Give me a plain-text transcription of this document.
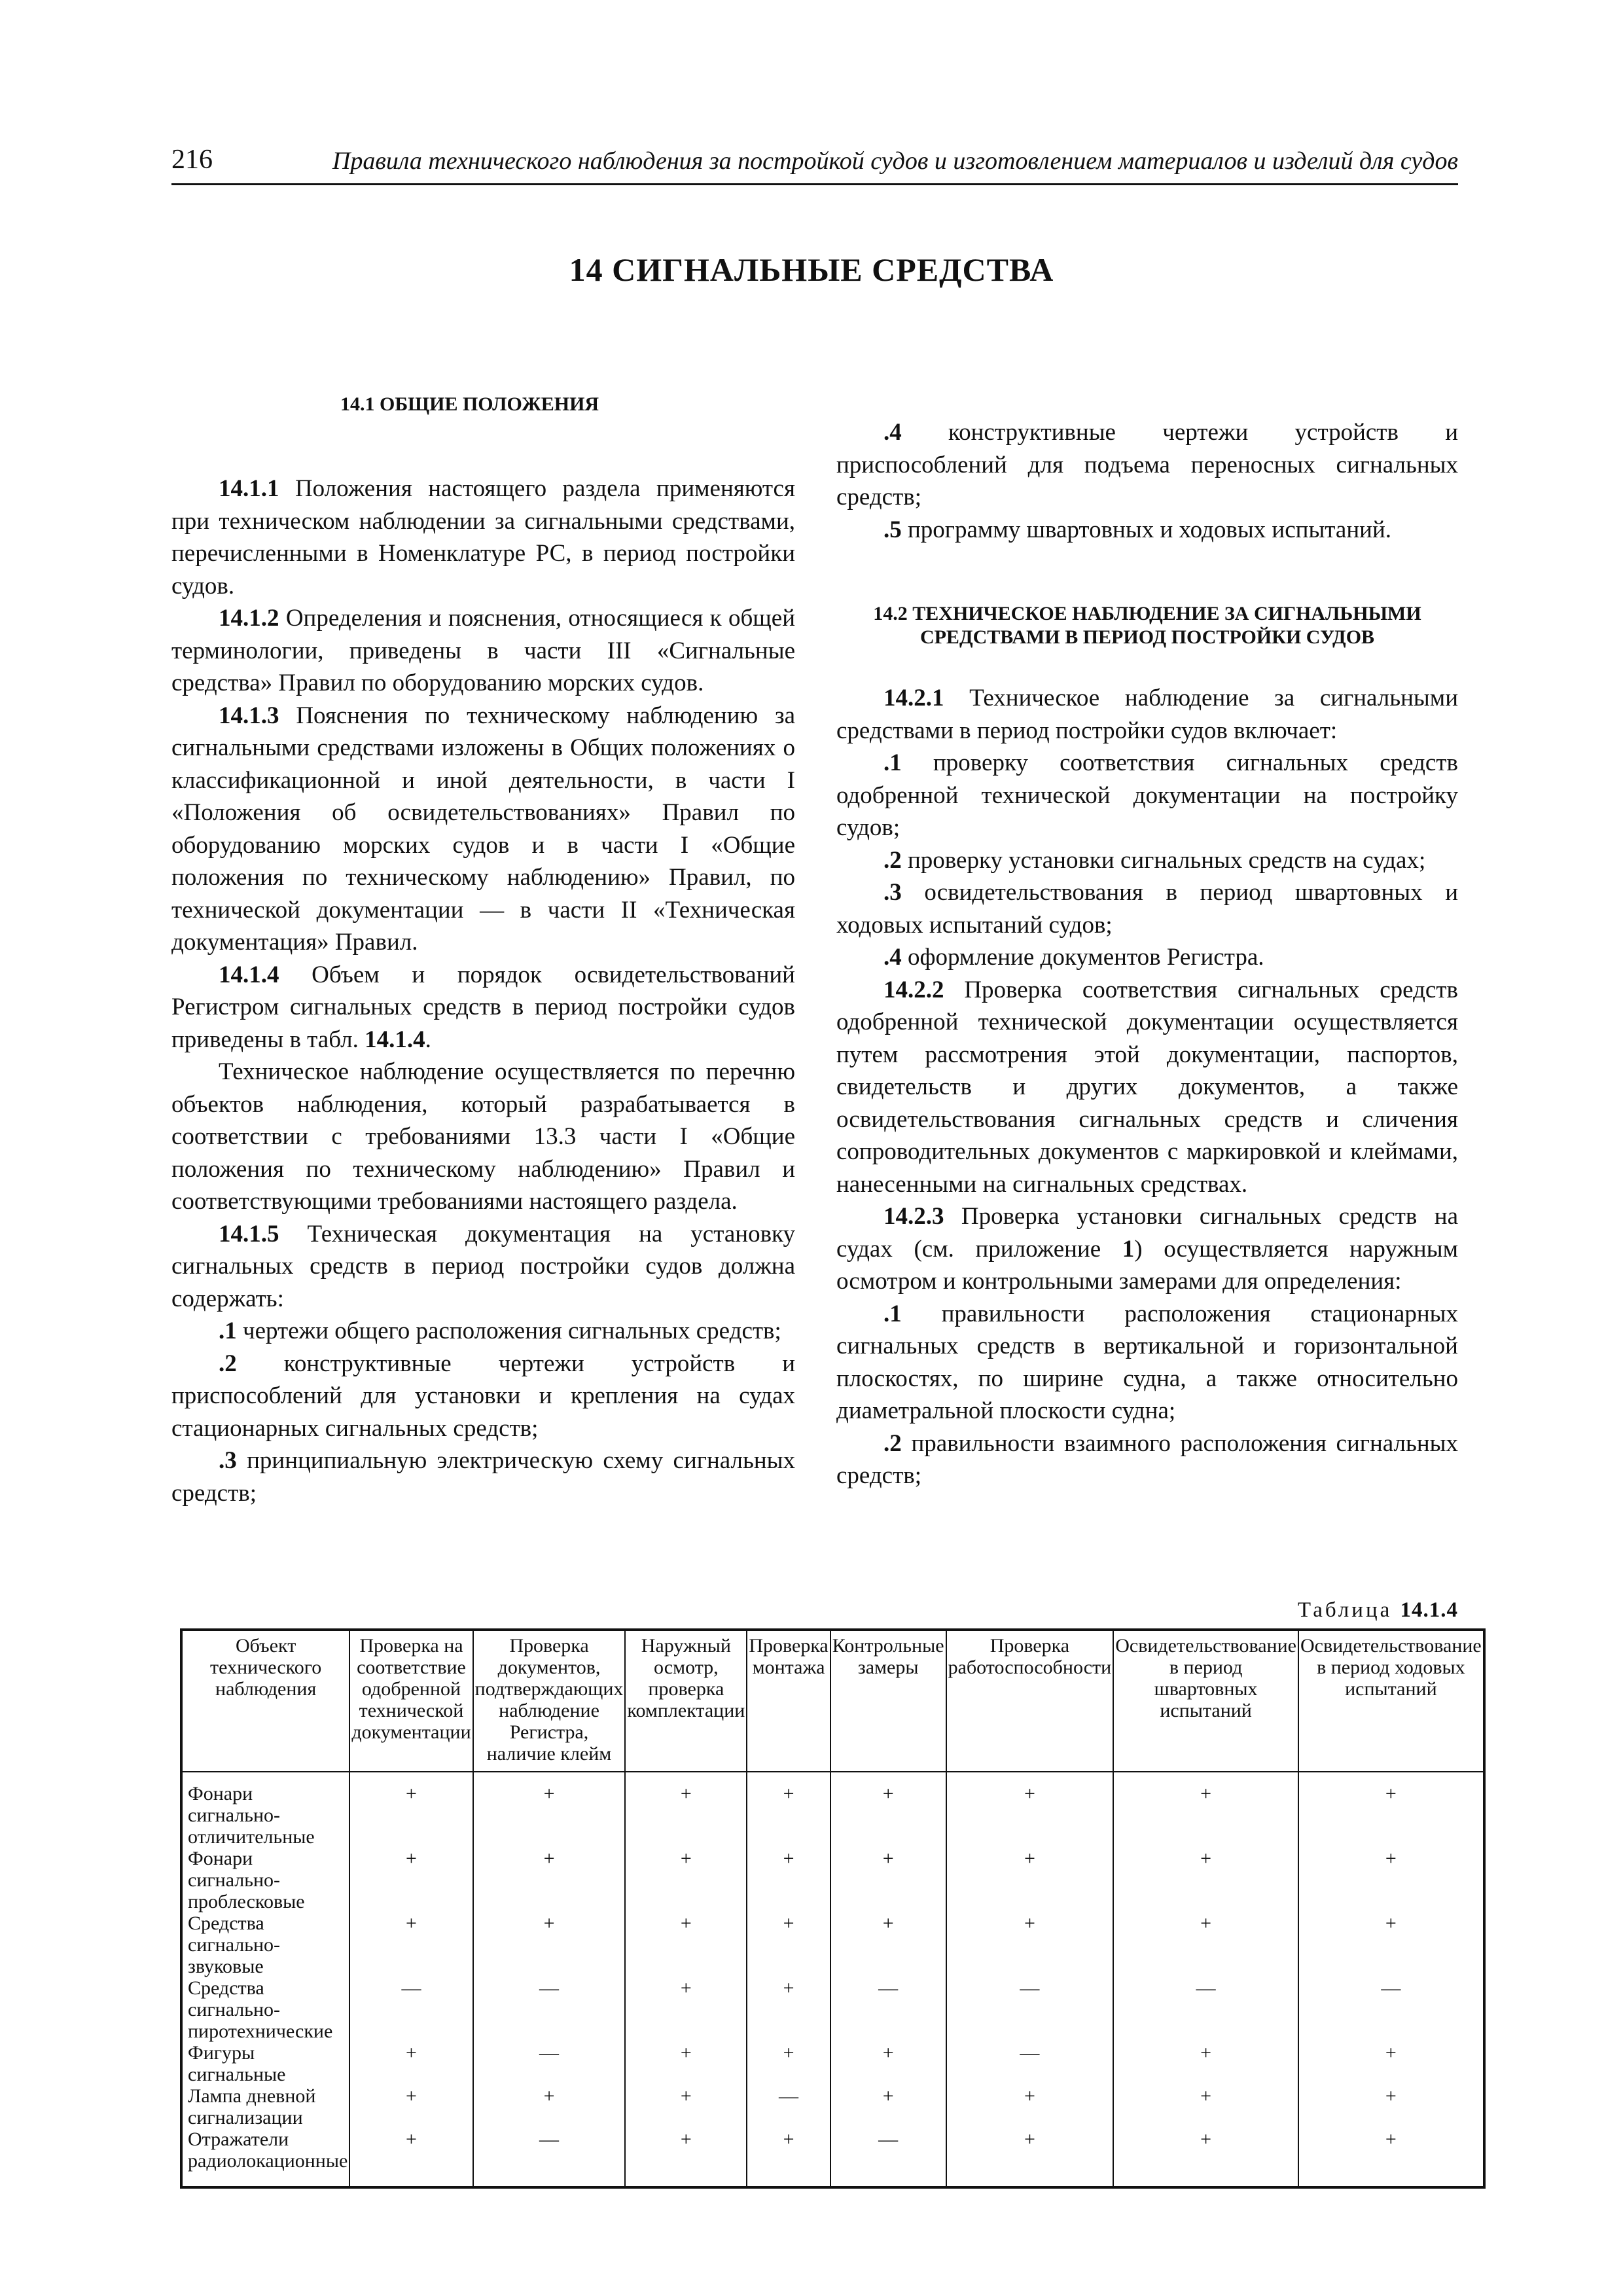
216	Правила технического наблюдения за постройкой судов и изготовлением материалов и изделий для судов
14 СИГНАЛЬНЫЕ СРЕДСТВА
14.1 ОБЩИЕ ПОЛОЖЕНИЯ

14.1.1 Положения настоящего раздела применяются при техническом наблюдении за сигнальными средствами, перечисленными в Номенклатуре РС, в период постройки судов.

14.1.2 Определения и пояснения, относящиеся к общей терминологии, приведены в части III «Сигнальные средства» Правил по оборудованию морских судов.

14.1.3 Пояснения по техническому наблюдению за сигнальными средствами изложены в Общих положениях о классификационной и иной деятельности, в части I «Положения об освидетельствованиях» Правил по оборудованию морских судов и в части I «Общие положения по техническому наблюдению» Правил, по технической документации — в части II «Техническая документация» Правил.

14.1.4 Объем и порядок освидетельствований Регистром сигнальных средств в период постройки судов приведены в табл. 14.1.4.

Техническое наблюдение осуществляется по перечню объектов наблюдения, который разрабатывается в соответствии с требованиями 13.3 части I «Общие положения по техническому наблюдению» Правил и соответствующими требованиями настоящего раздела.

14.1.5 Техническая документация на установку сигнальных средств в период постройки судов должна содержать:

.1 чертежи общего расположения сигнальных средств;

.2 конструктивные чертежи устройств и приспособлений для установки и крепления на судах стационарных сигнальных средств;

.3 принципиальную электрическую схему сигнальных средств;

.4 конструктивные чертежи устройств и приспособлений для подъема переносных сигнальных средств;

.5 программу швартовных и ходовых испытаний.

14.2 ТЕХНИЧЕСКОЕ НАБЛЮДЕНИЕ ЗА СИГНАЛЬНЫМИ СРЕДСТВАМИ В ПЕРИОД ПОСТРОЙКИ СУДОВ

14.2.1 Техническое наблюдение за сигнальными средствами в период постройки судов включает:

.1 проверку соответствия сигнальных средств одобренной технической документации на постройку судов;

.2 проверку установки сигнальных средств на судах;

.3 освидетельствования в период швартовных и ходовых испытаний судов;

.4 оформление документов Регистра.

14.2.2 Проверка соответствия сигнальных средств одобренной технической документации осуществляется путем рассмотрения этой документации, паспортов, свидетельств и других документов, а также освидетельствования сигнальных средств и сличения сопроводительных документов с маркировкой и клеймами, нанесенными на сигнальных средствах.

14.2.3 Проверка установки сигнальных средств на судах (см. приложение 1) осуществляется наружным осмотром и контрольными замерами для определения:

.1 правильности расположения стационарных сигнальных средств в вертикальной и горизонтальной плоскостях, по ширине судна, а также относительно диаметральной плоскости судна;

.2 правильности взаимного расположения сигнальных средств;

Таблица 14.1.4
Объект технического наблюдения	Проверка на соответствие одобренной технической документации	Проверка документов, подтверждающих наблюдение Регистра, наличие клейм	Наружный осмотр, проверка комплектации	Проверка монтажа	Контрольные замеры	Проверка работоспособности	Освидетельствование в период швартовных испытаний	Освидетельствование в период ходовых испытаний
Фонари сигнально-отличительные	+	+	+	+	+	+	+	+
Фонари сигнально-проблесковые	+	+	+	+	+	+	+	+
Средства сигнально-звуковые	+	+	+	+	+	+	+	+
Средства сигнально-пиротехнические	—	—	+	+	—	—	—	—
Фигуры сигнальные	+	—	+	+	+	—	+	+
Лампа дневной сигнализации	+	+	+	—	+	+	+	+
Отражатели радиолокационные	+	—	+	+	—	+	+	+
